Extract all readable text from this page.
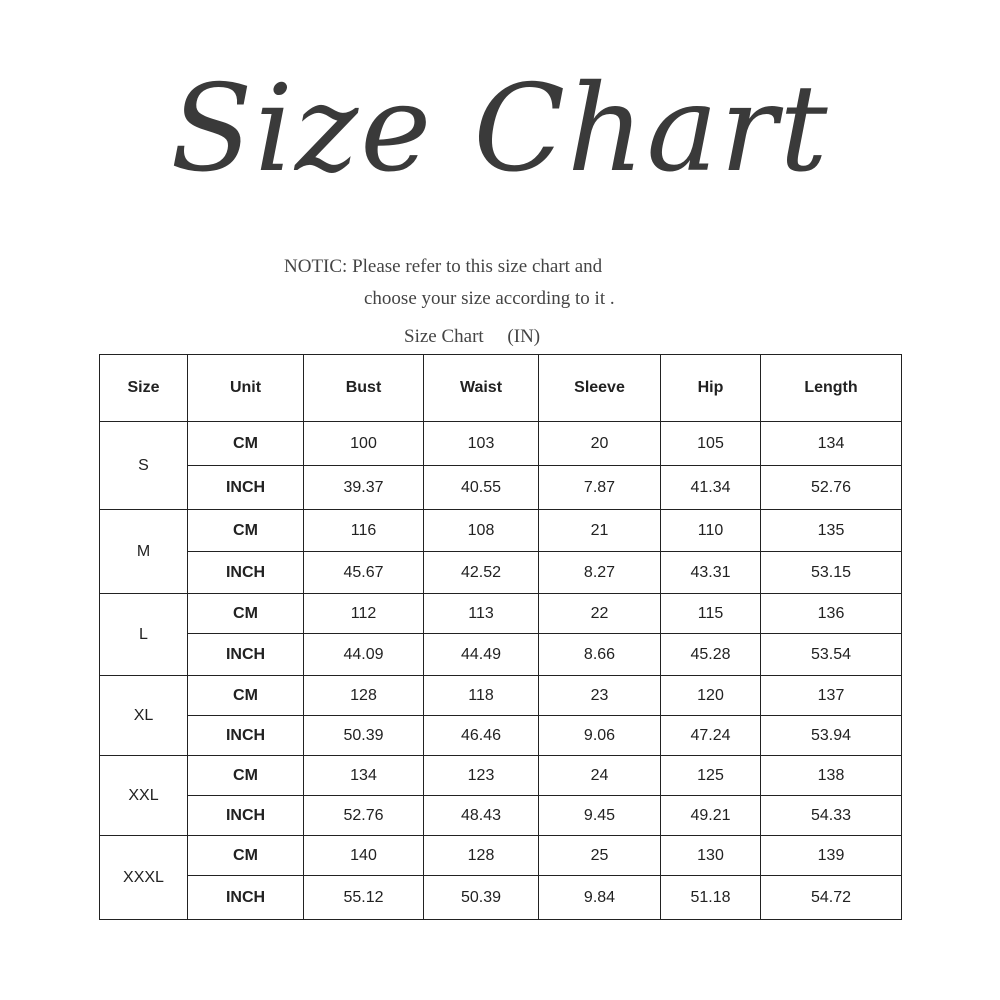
Size Chart
NOTIC: Please refer to this size chart and
choose your size according to it .
Size Chart 　(IN)
Size	Unit	Bust	Waist	Sleeve	Hip	Length
S	CM	100	103	20	105	134
	INCH	39.37	40.55	7.87	41.34	52.76
M	CM	116	108	21	110	135
	INCH	45.67	42.52	8.27	43.31	53.15
L	CM	112	113	22	115	136
	INCH	44.09	44.49	8.66	45.28	53.54
XL	CM	128	118	23	120	137
	INCH	50.39	46.46	9.06	47.24	53.94
XXL	CM	134	123	24	125	138
	INCH	52.76	48.43	9.45	49.21	54.33
XXXL	CM	140	128	25	130	139
	INCH	55.12	50.39	9.84	51.18	54.72
